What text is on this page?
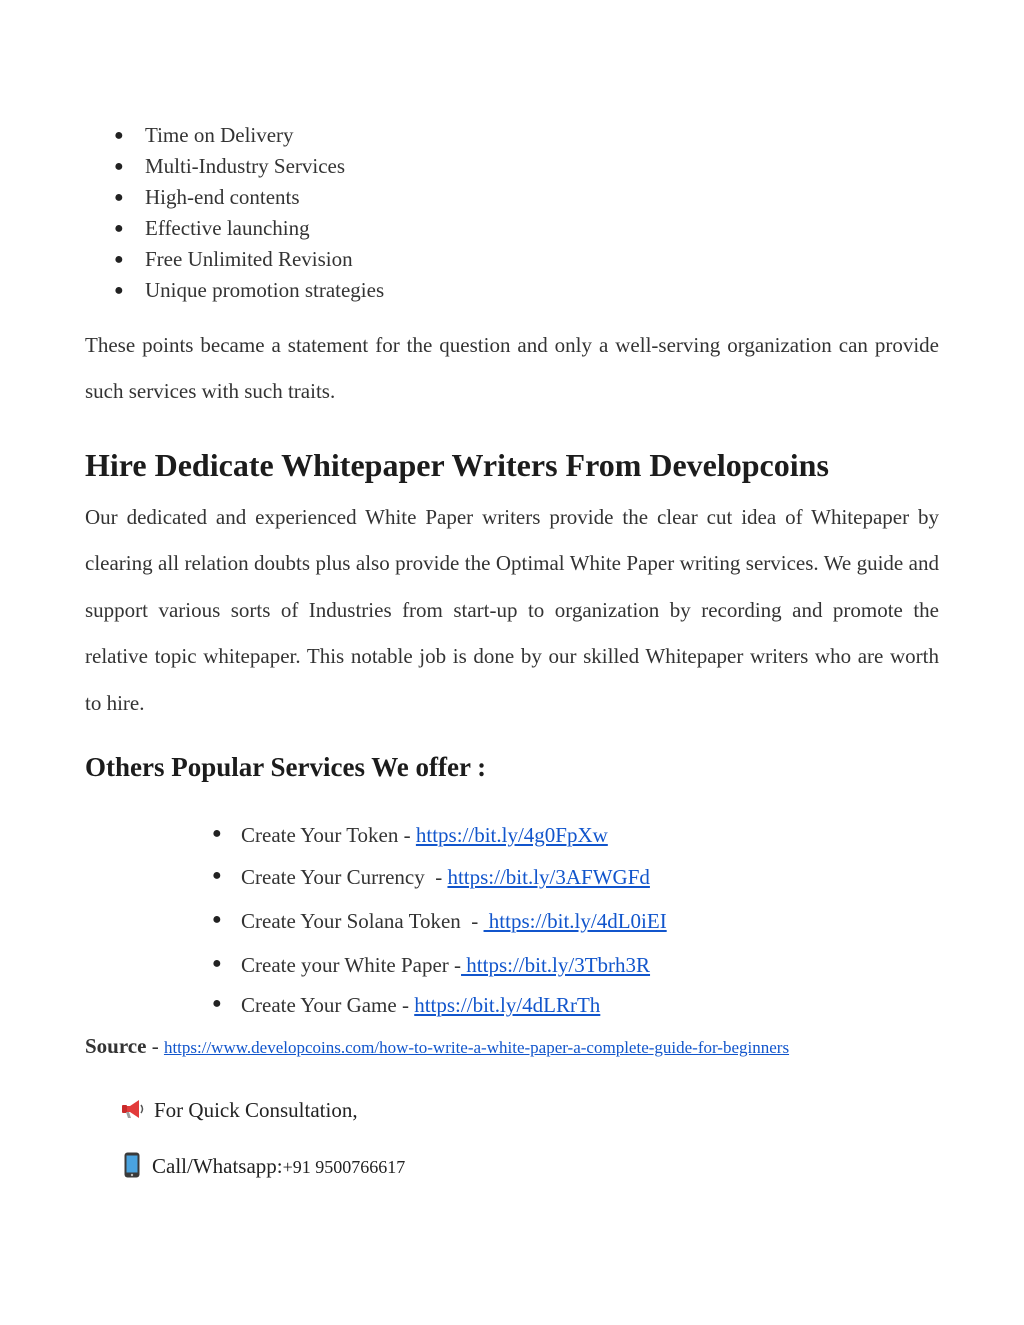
● Time on Delivery
● Multi-Industry Services
● High-end contents
● Effective launching
● Free Unlimited Revision
● Unique promotion strategies

These points became a statement for the question and only a well-serving organization can provide such services with such traits.

Hire Dedicate Whitepaper Writers From Developcoins

Our dedicated and experienced White Paper writers provide the clear cut idea of Whitepaper by clearing all relation doubts plus also provide the Optimal White Paper writing services. We guide and support various sorts of Industries from start-up to organization by recording and promote the relative topic whitepaper. This notable job is done by our skilled Whitepaper writers who are worth to hire.

Others Popular Services We offer :
● Create Your Token - https://bit.ly/4g0FpXw
● Create Your Currency  - https://bit.ly/3AFWGFd
● Create Your Solana Token  -  https://bit.ly/4dL0iEI
● Create your White Paper - https://bit.ly/3Tbrh3R
● Create Your Game - https://bit.ly/4dLRrTh
Source - https://www.developcoins.com/how-to-write-a-white-paper-a-complete-guide-for-beginners
For Quick Consultation,
Call/Whatsapp:+91 9500766617
